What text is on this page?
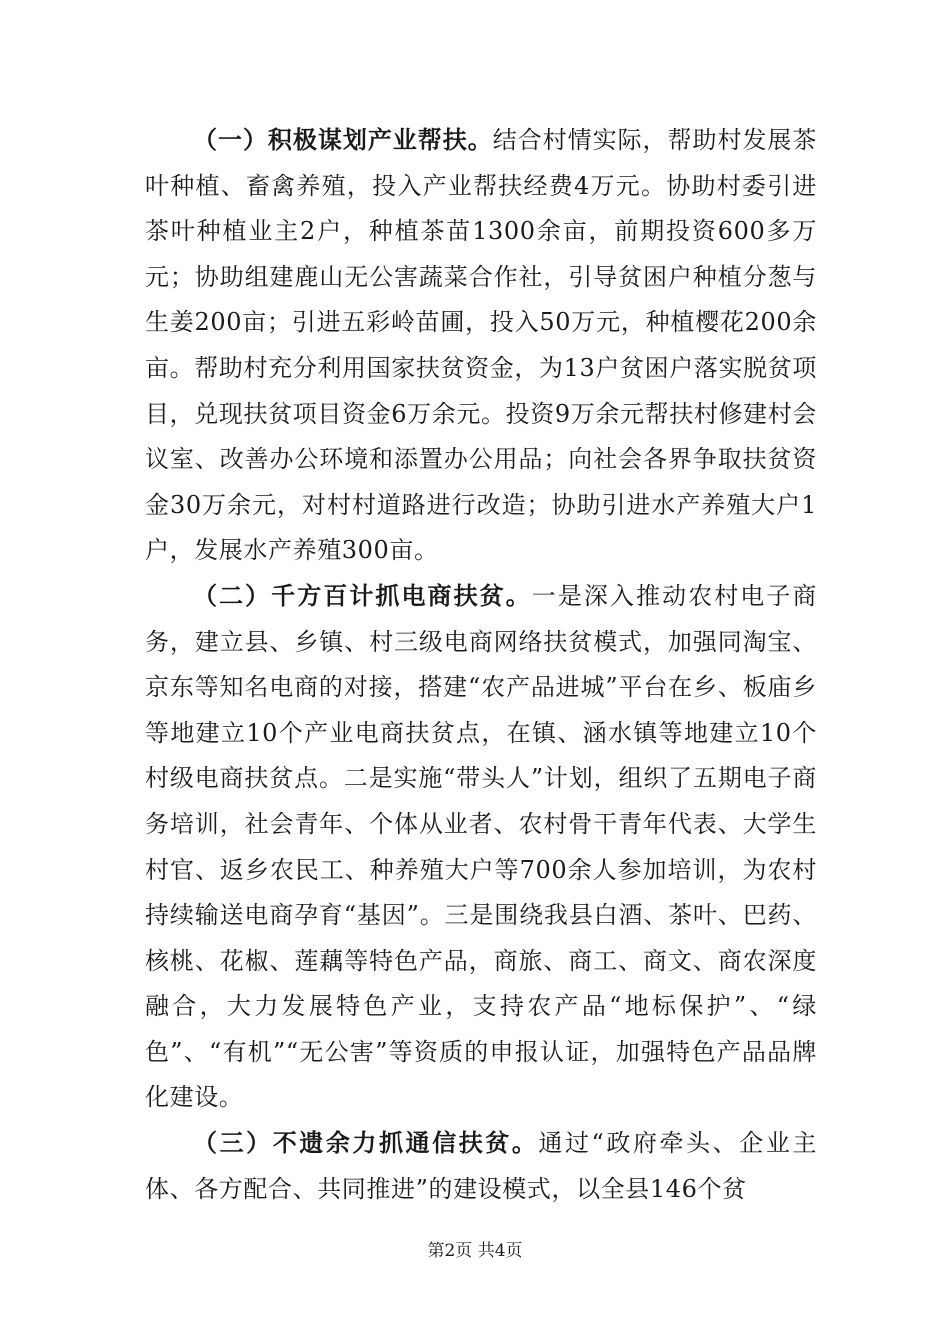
（一）积极谋划产业帮扶。结合村情实际，帮助村发展茶叶种植、畜禽养殖，投入产业帮扶经费4万元。协助村委引进茶叶种植业主2户，种植茶苗1300余亩，前期投资600多万元；协助组建鹿山无公害蔬菜合作社，引导贫困户种植分葱与生姜200亩；引进五彩岭苗圃，投入50万元，种植樱花200余亩。帮助村充分利用国家扶贫资金，为13户贫困户落实脱贫项目，兑现扶贫项目资金6万余元。投资9万余元帮扶村修建村会议室、改善办公环境和添置办公用品；向社会各界争取扶贫资金30万余元，对村村道路进行改造；协助引进水产养殖大户1户，发展水产养殖300亩。

（二）千方百计抓电商扶贫。一是深入推动农村电子商务，建立县、乡镇、村三级电商网络扶贫模式，加强同淘宝、京东等知名电商的对接，搭建“农产品进城”平台在乡、板庙乡等地建立10个产业电商扶贫点，在镇、涵水镇等地建立10个村级电商扶贫点。二是实施“带头人”计划，组织了五期电子商务培训，社会青年、个体从业者、农村骨干青年代表、大学生村官、返乡农民工、种养殖大户等700余人参加培训，为农村持续输送电商孕育“基因”。三是围绕我县白酒、茶叶、巴药、核桃、花椒、莲藕等特色产品，商旅、商工、商文、商农深度融合，大力发展特色产业，支持农产品“地标保护”、“绿色”、“有机”“无公害”等资质的申报认证，加强特色产品品牌化建设。

（三）不遗余力抓通信扶贫。通过“政府牵头、企业主体、各方配合、共同推进”的建设模式，以全县146个贫

第2页 共4页
